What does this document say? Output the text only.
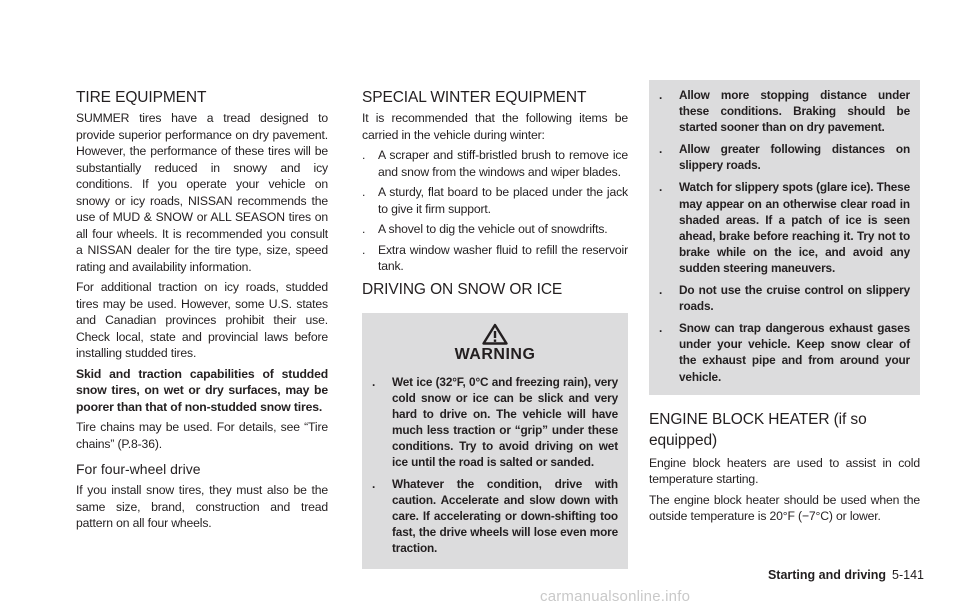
TIRE EQUIPMENT

SUMMER tires have a tread designed to provide superior performance on dry pavement. However, the performance of these tires will be substantially reduced in snowy and icy conditions. If you operate your vehicle on snowy or icy roads, NISSAN recommends the use of MUD & SNOW or ALL SEASON tires on all four wheels. It is recommended you consult a NISSAN dealer for the tire type, size, speed rating and availability information.

For additional traction on icy roads, studded tires may be used. However, some U.S. states and Canadian provinces prohibit their use. Check local, state and provincial laws before installing studded tires.

Skid and traction capabilities of studded snow tires, on wet or dry surfaces, may be poorer than that of non-studded snow tires.

Tire chains may be used. For details, see “Tire chains” (P.8-36).

For four-wheel drive

If you install snow tires, they must also be the same size, brand, construction and tread pattern on all four wheels.

SPECIAL WINTER EQUIPMENT

It is recommended that the following items be carried in the vehicle during winter:

. A scraper and stiff-bristled brush to remove ice and snow from the windows and wiper blades.
. A sturdy, flat board to be placed under the jack to give it firm support.
. A shovel to dig the vehicle out of snowdrifts.
. Extra window washer fluid to refill the reservoir tank.
DRIVING ON SNOW OR ICE
WARNING
. Wet ice (32°F, 0°C and freezing rain), very cold snow or ice can be slick and very hard to drive on. The vehicle will have much less traction or “grip” under these conditions. Try to avoid driving on wet ice until the road is salted or sanded.
. Whatever the condition, drive with caution. Accelerate and slow down with care. If accelerating or down-shifting too fast, the drive wheels will lose even more traction.
. Allow more stopping distance under these conditions. Braking should be started sooner than on dry pavement.
. Allow greater following distances on slippery roads.
. Watch for slippery spots (glare ice). These may appear on an otherwise clear road in shaded areas. If a patch of ice is seen ahead, brake before reaching it. Try not to brake while on the ice, and avoid any sudden steering maneuvers.
. Do not use the cruise control on slippery roads.
. Snow can trap dangerous exhaust gases under your vehicle. Keep snow clear of the exhaust pipe and from around your vehicle.
ENGINE BLOCK HEATER (if so equipped)

Engine block heaters are used to assist in cold temperature starting.

The engine block heater should be used when the outside temperature is 20°F (−7°C) or lower.

Starting and driving 5-141
carmanualsonline.info
